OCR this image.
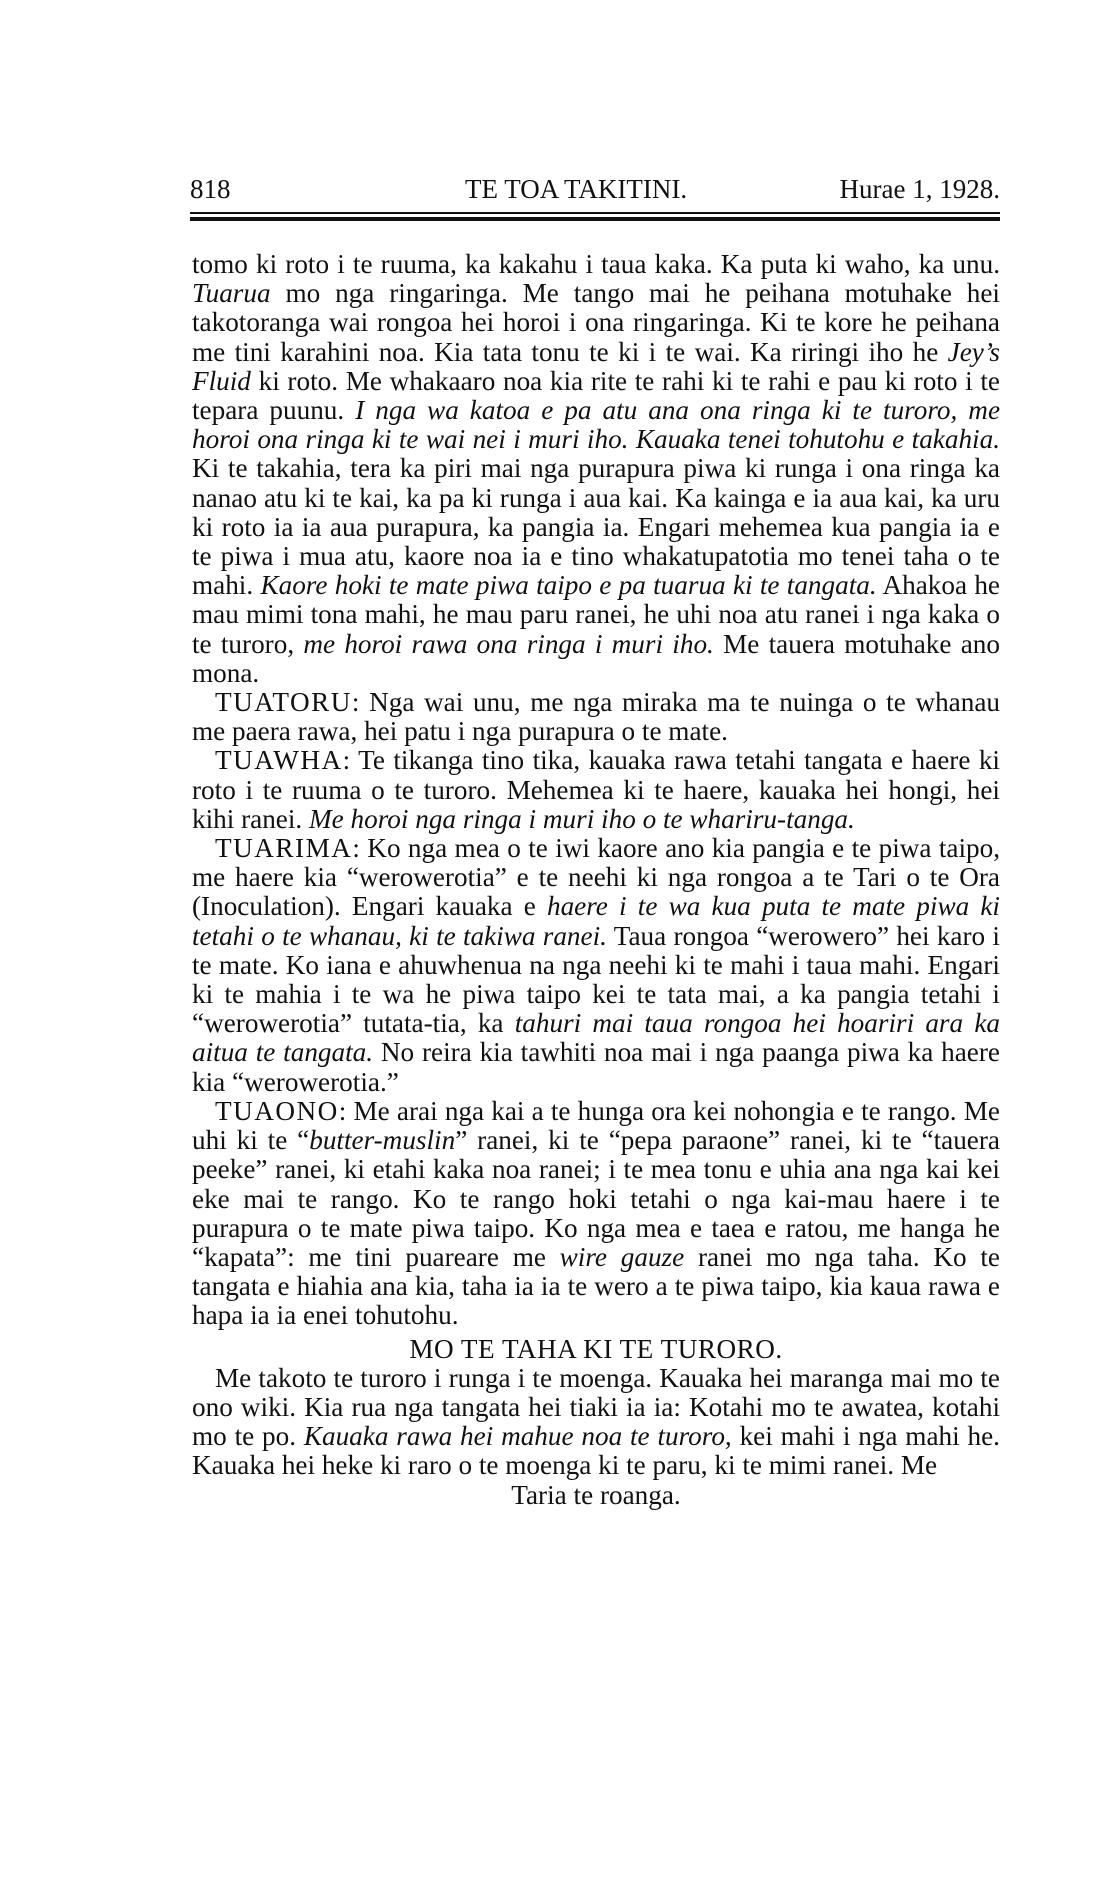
818	TE TOA TAKITINI.	Hurae 1, 1928.

tomo ki roto i te ruuma, ka kakahu i taua kaka. Ka puta ki waho, ka unu. Tuarua mo nga ringaringa. Me tango mai he peihana motuhake hei takotoranga wai rongoa hei horoi i ona ringaringa. Ki te kore he peihana me tini karahini noa. Kia tata tonu te ki i te wai. Ka riringi iho he Jey’s Fluid ki roto. Me whakaaro noa kia rite te rahi ki te rahi e pau ki roto i te tepara puunu. I nga wa katoa e pa atu ana ona ringa ki te turoro, me horoi ona ringa ki te wai nei i muri iho. Kauaka tenei tohutohu e takahia. Ki te takahia, tera ka piri mai nga purapura piwa ki runga i ona ringa ka nanao atu ki te kai, ka pa ki runga i aua kai. Ka kainga e ia aua kai, ka uru ki roto ia ia aua purapura, ka pangia ia. Engari mehemea kua pangia ia e te piwa i mua atu, kaore noa ia e tino whakatupatotia mo tenei taha o te mahi. Kaore hoki te mate piwa taipo e pa tuarua ki te tangata. Ahakoa he mau mimi tona mahi, he mau paru ranei, he uhi noa atu ranei i nga kaka o te turoro, me horoi rawa ona ringa i muri iho. Me tauera motuhake ano mona.

TUATORU: Nga wai unu, me nga miraka ma te nuinga o te whanau me paera rawa, hei patu i nga purapura o te mate.

TUAWHA: Te tikanga tino tika, kauaka rawa tetahi tangata e haere ki roto i te ruuma o te turoro. Mehemea ki te haere, kauaka hei hongi, hei kihi ranei. Me horoi nga ringa i muri iho o te whariru-tanga.

TUARIMA: Ko nga mea o te iwi kaore ano kia pangia e te piwa taipo, me haere kia “werowerotia” e te neehi ki nga rongoa a te Tari o te Ora (Inoculation). Engari kauaka e haere i te wa kua puta te mate piwa ki tetahi o te whanau, ki te takiwa ranei. Taua rongoa “werowero” hei karo i te mate. Ko iana e ahuwhenua na nga neehi ki te mahi i taua mahi. Engari ki te mahia i te wa he piwa taipo kei te tata mai, a ka pangia tetahi i “werowerotia” tutata-tia, ka tahuri mai taua rongoa hei hoariri ara ka aitua te tangata. No reira kia tawhiti noa mai i nga paanga piwa ka haere kia “werowerotia.”

TUAONO: Me arai nga kai a te hunga ora kei nohongia e te rango. Me uhi ki te “butter-muslin” ranei, ki te “pepa paraone” ranei, ki te “tauera peeke” ranei, ki etahi kaka noa ranei; i te mea tonu e uhia ana nga kai kei eke mai te rango. Ko te rango hoki tetahi o nga kai-mau haere i te purapura o te mate piwa taipo. Ko nga mea e taea e ratou, me hanga he “kapata”: me tini puareare me wire gauze ranei mo nga taha. Ko te tangata e hiahia ana kia, taha ia ia te wero a te piwa taipo, kia kaua rawa e hapa ia ia enei tohutohu.

MO TE TAHA KI TE TURORO.

Me takoto te turoro i runga i te moenga. Kauaka hei maranga mai mo te ono wiki. Kia rua nga tangata hei tiaki ia ia: Kotahi mo te awatea, kotahi mo te po. Kauaka rawa hei mahue noa te turoro, kei mahi i nga mahi he. Kauaka hei heke ki raro o te moenga ki te paru, ki te mimi ranei. Me

Taria te roanga.
